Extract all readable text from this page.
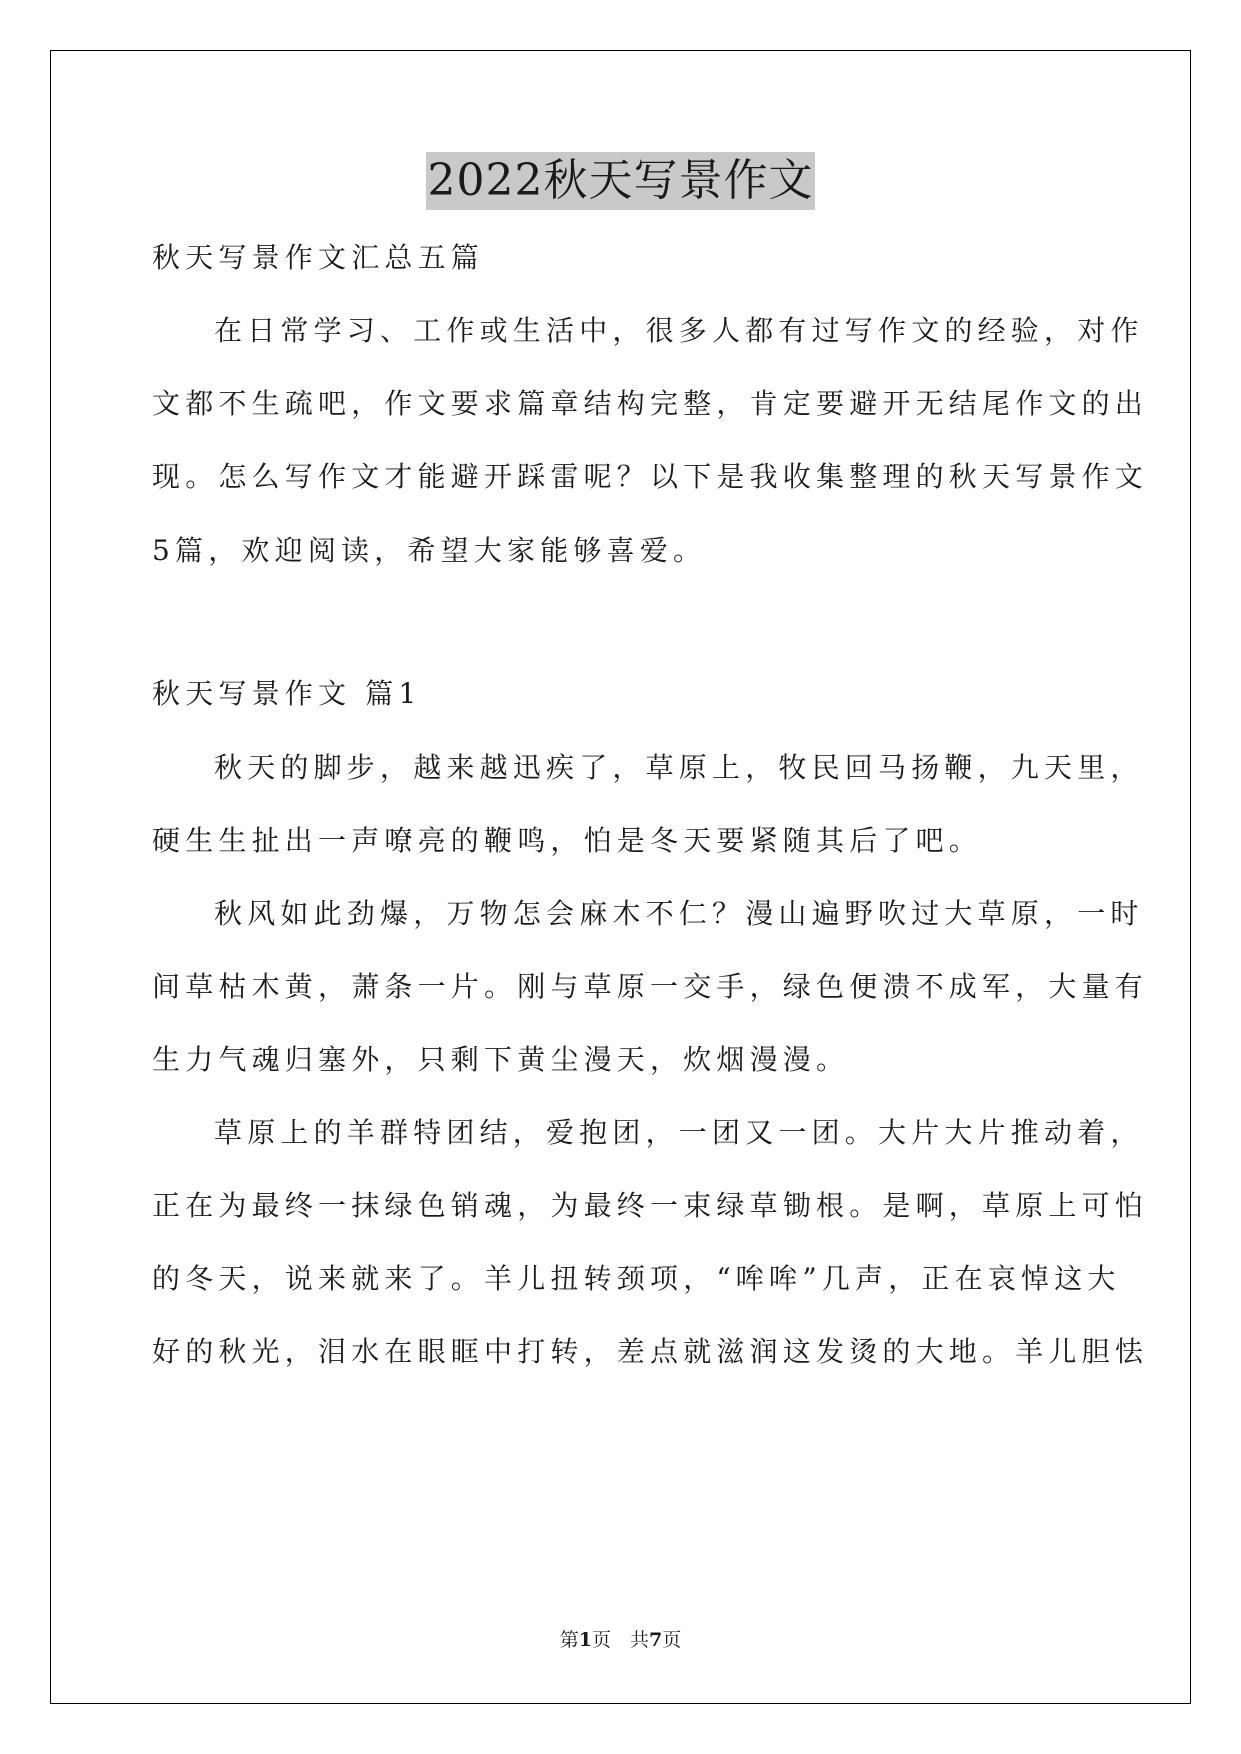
2022秋天写景作文
秋天写景作文汇总五篇
在日常学习、工作或生活中，很多人都有过写作文的经验，对作
文都不生疏吧，作文要求篇章结构完整，肯定要避开无结尾作文的出
现。怎么写作文才能避开踩雷呢？以下是我收集整理的秋天写景作文
5篇，欢迎阅读，希望大家能够喜爱。
秋天写景作文 篇1
秋天的脚步，越来越迅疾了，草原上，牧民回马扬鞭，九天里，
硬生生扯出一声嘹亮的鞭鸣，怕是冬天要紧随其后了吧。
秋风如此劲爆，万物怎会麻木不仁？漫山遍野吹过大草原，一时
间草枯木黄，萧条一片。刚与草原一交手，绿色便溃不成军，大量有
生力气魂归塞外，只剩下黄尘漫天，炊烟漫漫。
草原上的羊群特团结，爱抱团，一团又一团。大片大片推动着，
正在为最终一抹绿色销魂，为最终一束绿草锄根。是啊，草原上可怕
的冬天，说来就来了。羊儿扭转颈项，“哞哞”几声，正在哀悼这大
好的秋光，泪水在眼眶中打转，差点就滋润这发烫的大地。羊儿胆怯
第1页　共7页
